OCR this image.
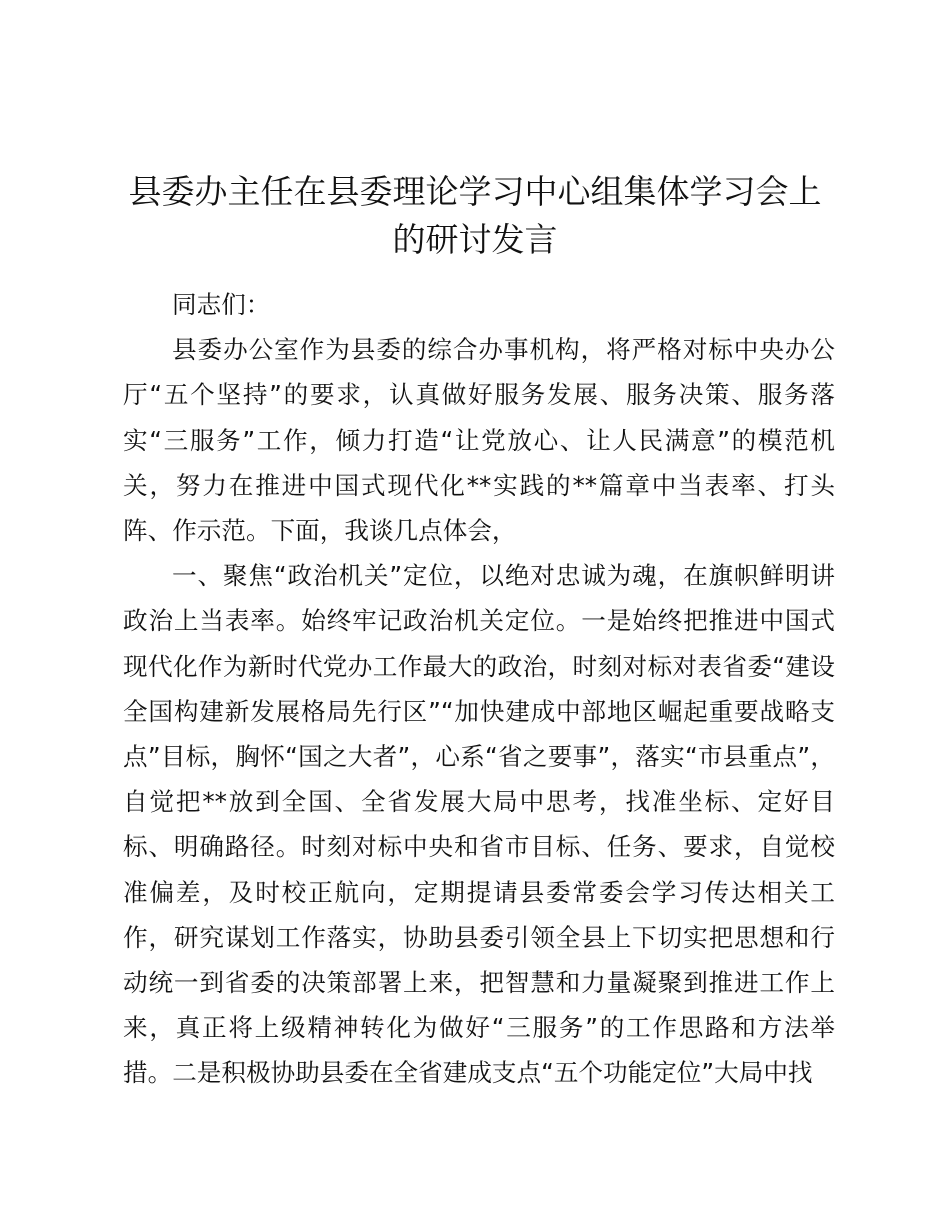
县委办主任在县委理论学习中心组集体学习会上的研讨发言

同志们：

县委办公室作为县委的综合办事机构，将严格对标中央办公厅“五个坚持”的要求，认真做好服务发展、服务决策、服务落实“三服务”工作，倾力打造“让党放心、让人民满意”的模范机关，努力在推进中国式现代化**实践的**篇章中当表率、打头阵、作示范。下面，我谈几点体会，

一、聚焦“政治机关”定位，以绝对忠诚为魂，在旗帜鲜明讲政治上当表率。始终牢记政治机关定位。一是始终把推进中国式现代化作为新时代党办工作最大的政治，时刻对标对表省委“建设全国构建新发展格局先行区”“加快建成中部地区崛起重要战略支点”目标，胸怀“国之大者”，心系“省之要事”，落实“市县重点”，自觉把**放到全国、全省发展大局中思考，找准坐标、定好目标、明确路径。时刻对标中央和省市目标、任务、要求，自觉校准偏差，及时校正航向，定期提请县委常委会学习传达相关工作，研究谋划工作落实，协助县委引领全县上下切实把思想和行动统一到省委的决策部署上来，把智慧和力量凝聚到推进工作上来，真正将上级精神转化为做好“三服务”的工作思路和方法举措。二是积极协助县委在全省建成支点“五个功能定位”大局中找
